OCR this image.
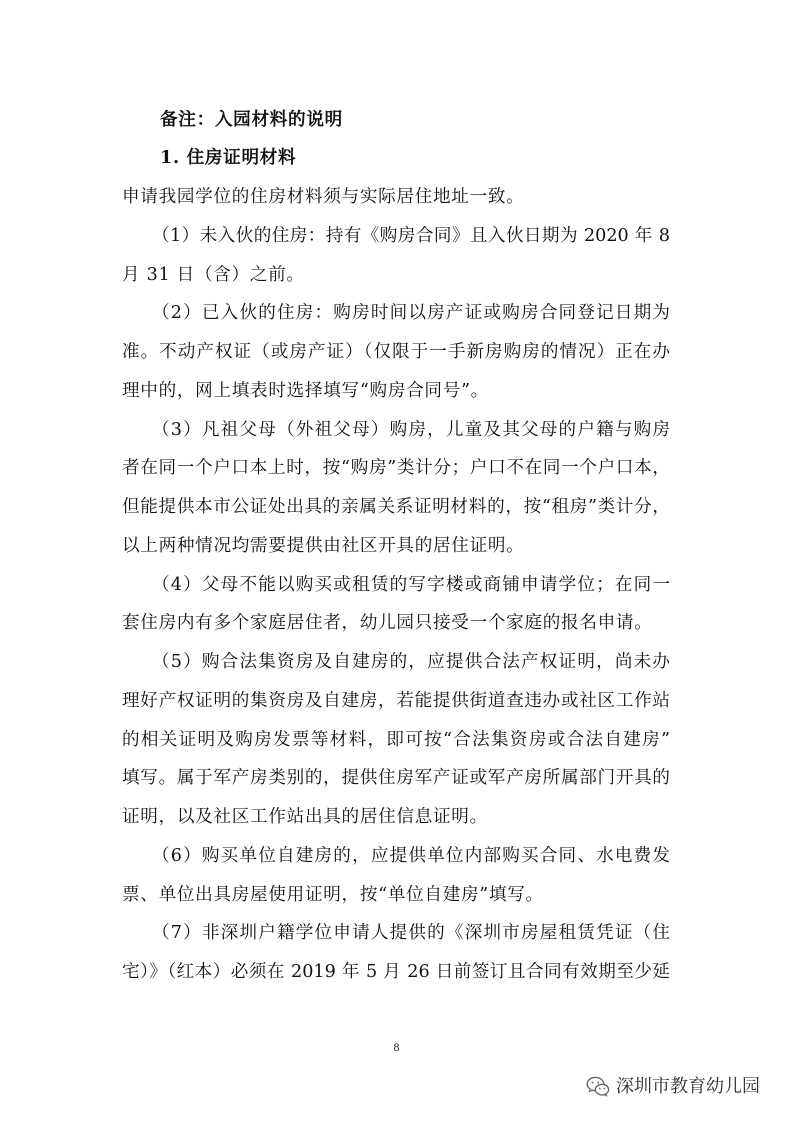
备注：入园材料的说明
1. 住房证明材料
申请我园学位的住房材料须与实际居住地址一致。
（1）未入伙的住房：持有《购房合同》且入伙日期为 2020 年 8
月 31 日（含）之前。
（2）已入伙的住房：购房时间以房产证或购房合同登记日期为
准。不动产权证（或房产证）（仅限于一手新房购房的情况）正在办
理中的，网上填表时选择填写“购房合同号”。
（3）凡祖父母（外祖父母）购房，儿童及其父母的户籍与购房
者在同一个户口本上时，按“购房”类计分；户口不在同一个户口本，
但能提供本市公证处出具的亲属关系证明材料的，按“租房”类计分，
以上两种情况均需要提供由社区开具的居住证明。
（4）父母不能以购买或租赁的写字楼或商铺申请学位；在同一
套住房内有多个家庭居住者，幼儿园只接受一个家庭的报名申请。
（5）购合法集资房及自建房的，应提供合法产权证明，尚未办
理好产权证明的集资房及自建房，若能提供街道查违办或社区工作站
的相关证明及购房发票等材料，即可按“合法集资房或合法自建房”
填写。属于军产房类别的，提供住房军产证或军产房所属部门开具的
证明，以及社区工作站出具的居住信息证明。
（6）购买单位自建房的，应提供单位内部购买合同、水电费发
票、单位出具房屋使用证明，按“单位自建房”填写。
（7）非深圳户籍学位申请人提供的《深圳市房屋租赁凭证（住
宅）》（红本）必须在 2019 年 5 月 26 日前签订且合同有效期至少延
8
深圳市教育幼儿园
